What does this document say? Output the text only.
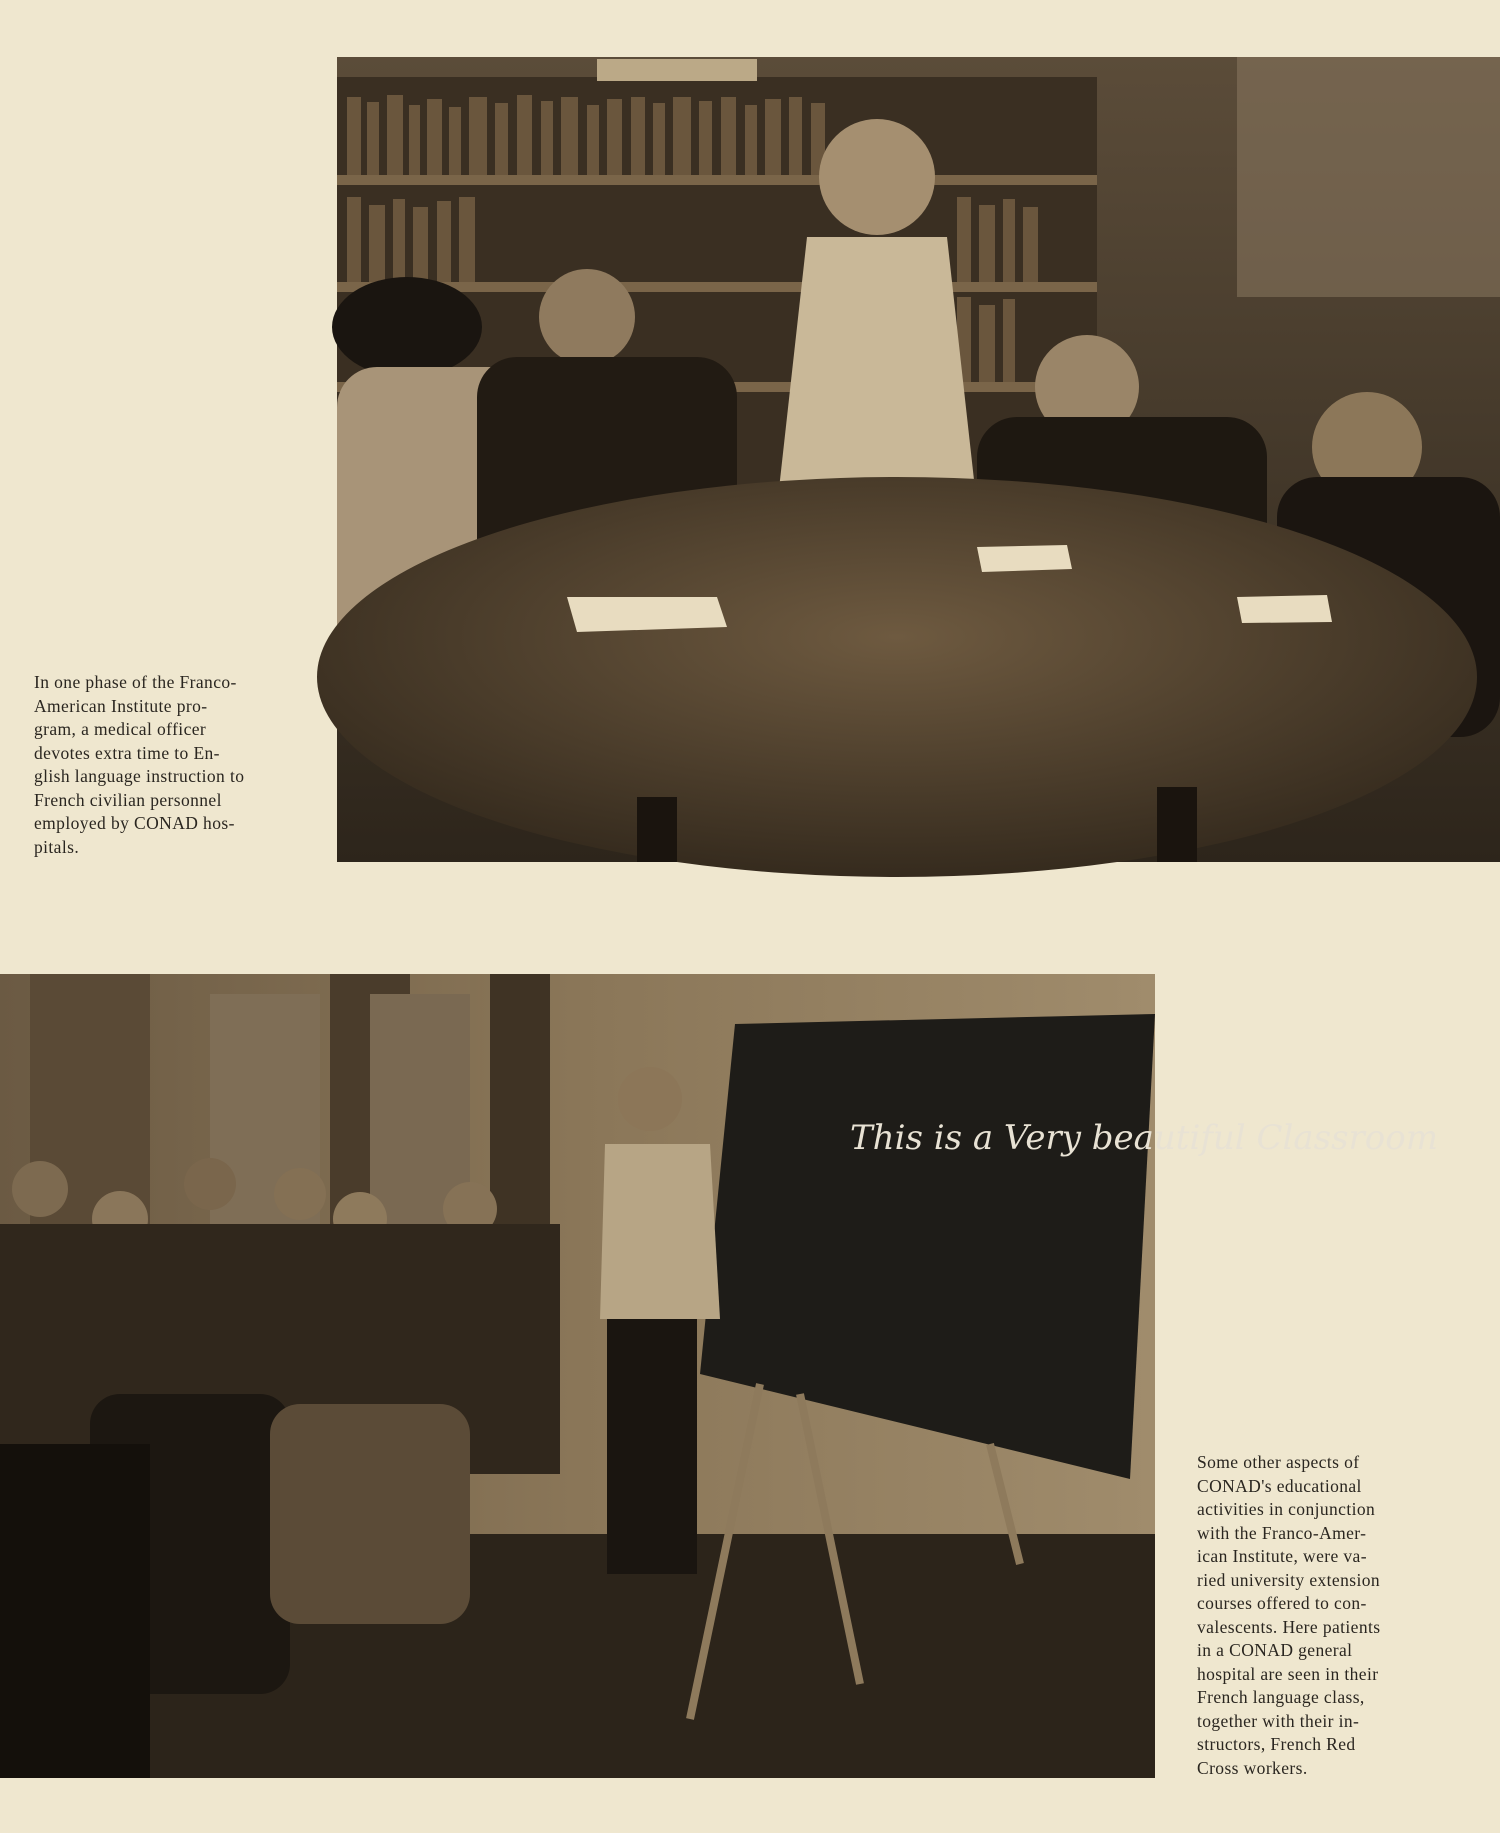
In one phase of the Franco-
American Institute pro-
gram, a medical officer
devotes extra time to En-
glish language instruction to
French civilian personnel
employed by CONAD hos-
pitals.
This is a Very beautiful Classroom
Some other aspects of
CONAD's educational
activities in conjunction
with the Franco-Amer-
ican Institute, were va-
ried university extension
courses offered to con-
valescents. Here patients
in a CONAD general
hospital are seen in their
French language class,
together with their in-
structors, French Red
Cross workers.
